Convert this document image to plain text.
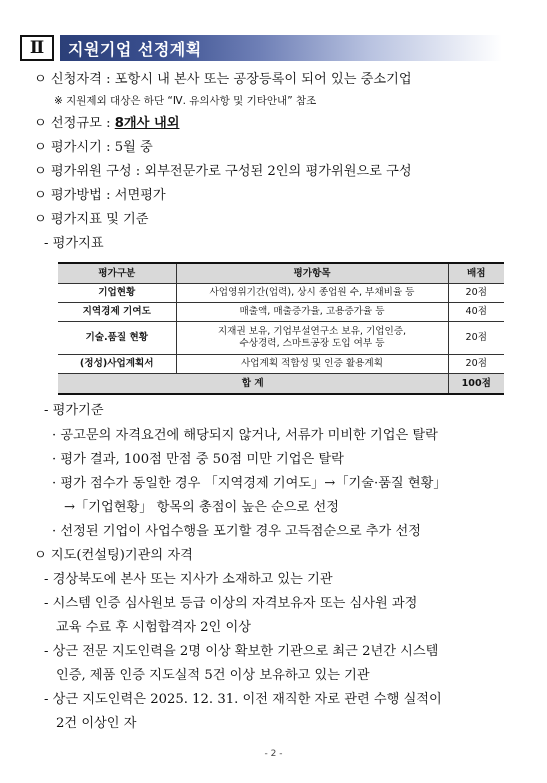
Ⅱ	지원기업 선정계획
ㅇ 신청자격 : 포항시 내 본사 또는 공장등록이 되어 있는 중소기업
※ 지원제외 대상은 하단 “Ⅳ. 유의사항 및 기타안내” 참조
ㅇ 선정규모 : 8개사 내외
ㅇ 평가시기 : 5월 중
ㅇ 평가위원 구성 : 외부전문가로 구성된 2인의 평가위원으로 구성
ㅇ 평가방법 : 서면평가
ㅇ 평가지표 및 기준
- 평가지표
평가구분	평가항목	배점
기업현황	사업영위기간(업력), 상시 종업원 수, 부채비율 등	20점
지역경제 기여도	매출액, 매출증가율, 고용증가율 등	40점
기술.품질 현황	지재권 보유, 기업부설연구소 보유, 기업인증,
수상경력, 스마트공장 도입 여부 등	20점
(정성)사업계획서	사업계획 적합성 및 인증 활용계획	20점
합 계		100점
- 평가기준
· 공고문의 자격요건에 해당되지 않거나, 서류가 미비한 기업은 탈락
· 평가 결과, 100점 만점 중 50점 미만 기업은 탈락
· 평가 점수가 동일한 경우 「지역경제 기여도」→「기술·품질 현황」
→「기업현황」 항목의 총점이 높은 순으로 선정
· 선정된 기업이 사업수행을 포기할 경우 고득점순으로 추가 선정
ㅇ 지도(컨설팅)기관의 자격
- 경상북도에 본사 또는 지사가 소재하고 있는 기관
- 시스템 인증 심사원보 등급 이상의 자격보유자 또는 심사원 과정
교육 수료 후 시험합격자 2인 이상
- 상근 전문 지도인력을 2명 이상 확보한 기관으로 최근 2년간 시스템
인증, 제품 인증 지도실적 5건 이상 보유하고 있는 기관
- 상근 지도인력은 2025. 12. 31. 이전 재직한 자로 관련 수행 실적이
2건 이상인 자
- 2 -
